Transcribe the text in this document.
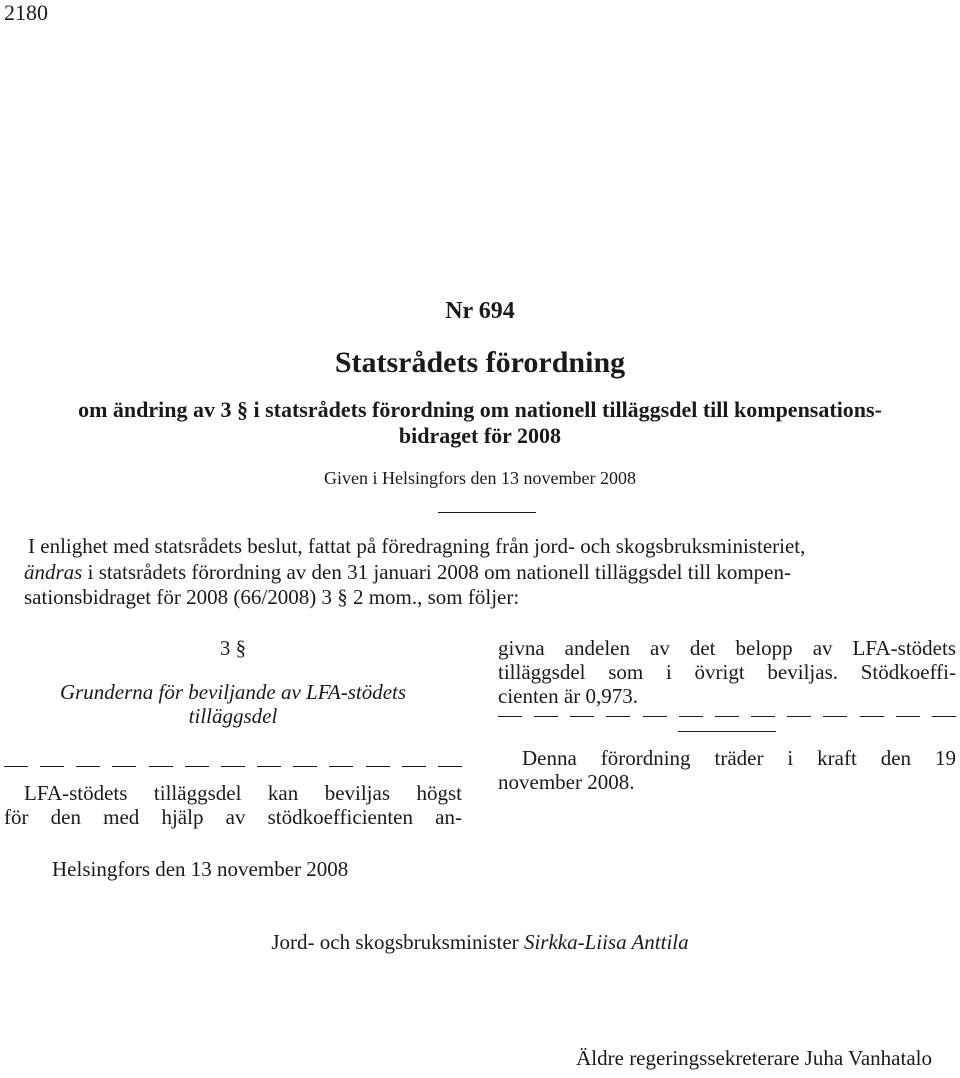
2180
Nr 694
Statsrådets förordning
om ändring av 3 § i statsrådets förordning om nationell tilläggsdel till kompensations-
bidraget för 2008
Given i Helsingfors den 13 november 2008
I enlighet med statsrådets beslut, fattat på föredragning från jord- och skogsbruksministeriet,
ändras i statsrådets förordning av den 31 januari 2008 om nationell tilläggsdel till kompen-
sationsbidraget för 2008 (66/2008) 3 § 2 mom., som följer:
3 §
Grunderna för beviljande av LFA-stödets
tilläggsdel
LFA-stödets tilläggsdel kan beviljas högst
för den med hjälp av stödkoefficienten an-
givna andelen av det belopp av LFA-stödets
tilläggsdel som i övrigt beviljas. Stödkoeffi-
cienten är 0,973.
Denna förordning träder i kraft den 19
november 2008.
Helsingfors den 13 november 2008
Jord- och skogsbruksminister Sirkka-Liisa Anttila
Äldre regeringssekreterare Juha Vanhatalo
